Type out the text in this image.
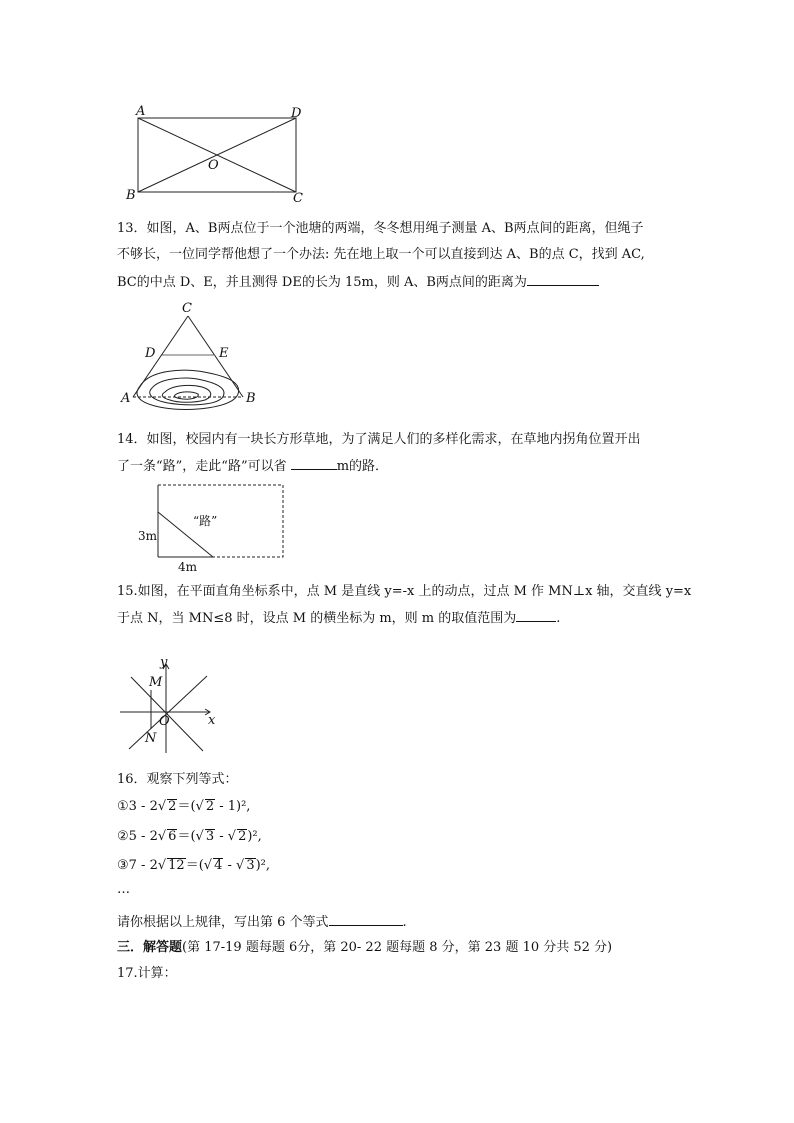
A	D
B	C
O
13．如图，A、B两点位于一个池塘的两端，冬冬想用绳子测量 A、B两点间的距离，但绳子
不够长，一位同学帮他想了一个办法: 先在地上取一个可以直接到达 A、B的点 C，找到 AC,
BC的中点 D、E，并且测得 DE的长为 15m，则 A、B两点间的距离为
C
D	E
A	B
14．如图，校园内有一块长方形草地，为了满足人们的多样化需求，在草地内拐角位置开出
了一条“路”，走此“路”可以省	m的路．
“路”
3m
4m
15.如图，在平面直角坐标系中，点 M 是直线 y=-x 上的动点，过点 M 作 MN⊥x 轴，交直线 y=x
于点 N，当 MN≤8 时，设点 M 的横坐标为 m，则 m 的取值范围为	.
y
x
M
O
N
16．观察下列等式：
①3 - 2√ 2＝(√ 2 - 1)²,
②5 - 2√ 6＝(√ 3 - √ 2)²,
③7 - 2√ 12＝(√ 4 - √ 3)²,
…
请你根据以上规律，写出第 6 个等式	.
三．解答题(第 17-19 题每题 6分，第 20- 22 题每题 8 分，第 23 题 10 分共 52 分)
17.计算：
